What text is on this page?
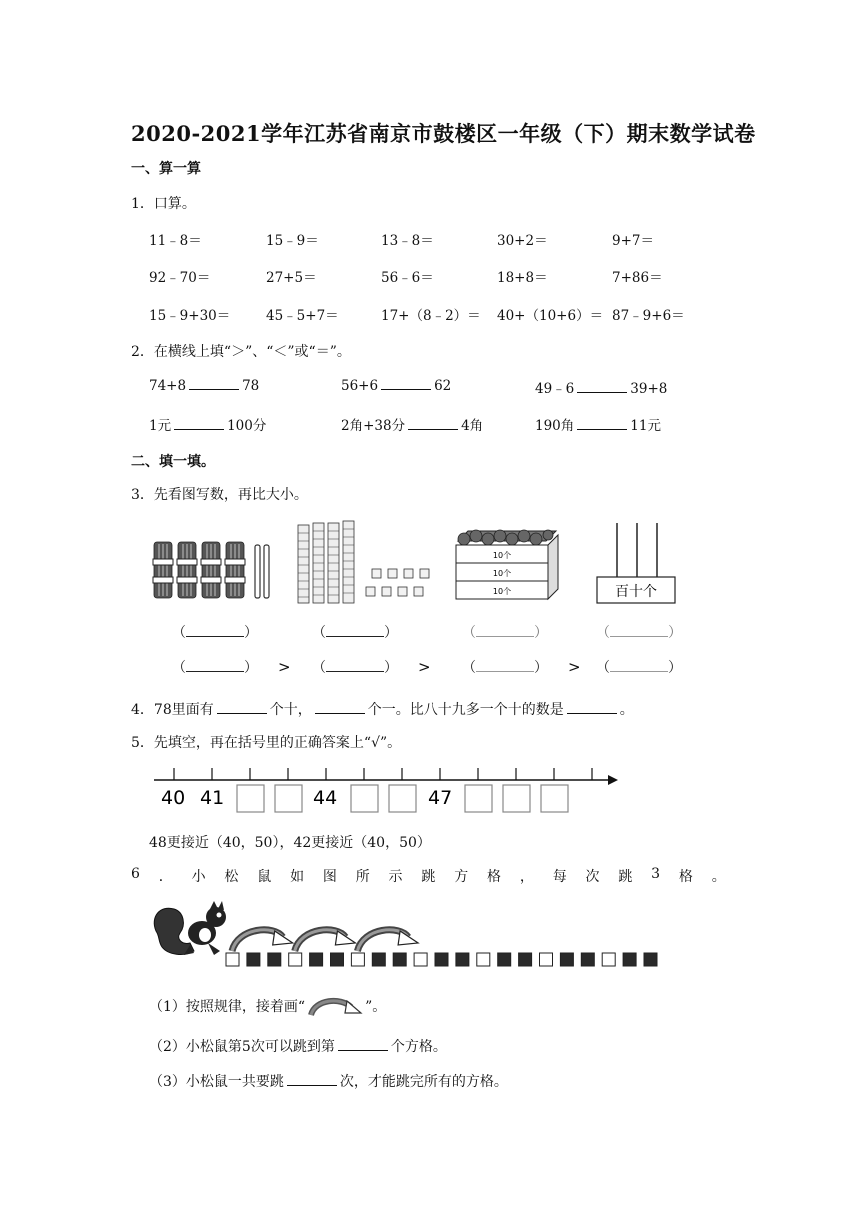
2020-2021学年江苏省南京市鼓楼区一年级（下）期末数学试卷
一、算一算
1．口算。
11﹣8＝	15﹣9＝	13﹣8＝	30+2＝	9+7＝
92﹣70＝	27+5＝	56﹣6＝	18+8＝	7+86＝
15﹣9+30＝	45﹣5+7＝	17+（8﹣2）＝ 40+（10+6）＝ 87﹣9+6＝
2．在横线上填“＞”、“＜”或“＝”。
74+8	78	56+6	62	49﹣6	39+8
1元	100分	2角+38分	4角	190角	11元
二、填一填。
3．先看图写数，再比大小。
10个
10个
10个	百十个
（	）	（	）	（	）	（	）
（	） > （	） > （	） > （	）
4．78里面有	个十，	个一。比八十九多一个十的数是	。
5．先填空，再在括号里的正确答案上“√”。
40 41	44	47
48更接近（40，50），42更接近（40，50）
6 ． 小 松 鼠 如 图 所 示 跳 方 格 ， 每 次 跳 3 格 。
（1）按照规律，接着画“	”。
（2）小松鼠第5次可以跳到第	个方格。
（3）小松鼠一共要跳	次，才能跳完所有的方格。
